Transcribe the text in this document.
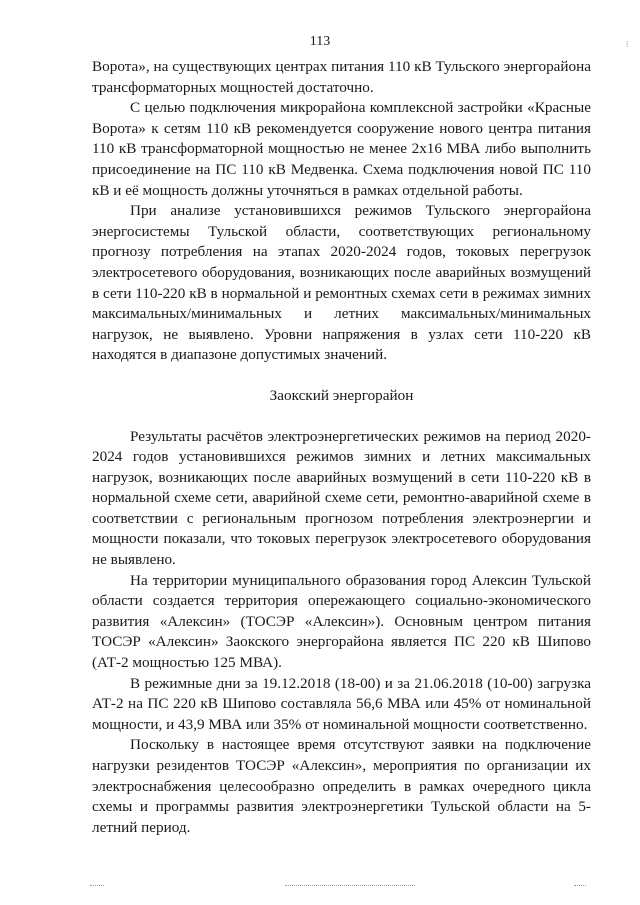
113	⁞

Ворота», на существующих центрах питания 110 кВ Тульского энергорайона трансформаторных мощностей достаточно.

С целью подключения микрорайона комплексной застройки «Красные Ворота» к сетям 110 кВ рекомендуется сооружение нового центра питания 110 кВ трансформаторной мощностью не менее 2х16 МВА либо выполнить присоединение на ПС 110 кВ Медвенка. Схема подключения новой ПС 110 кВ и её мощность должны уточняться в рамках отдельной работы.

При анализе установившихся режимов Тульского энергорайона энергосистемы Тульской области, соответствующих региональному прогнозу потребления на этапах 2020-2024 годов, токовых перегрузок электросетевого оборудования, возникающих после аварийных возмущений в сети 110-220 кВ в нормальной и ремонтных схемах сети в режимах зимних максимальных/минимальных и летних максимальных/минимальных нагрузок, не выявлено. Уровни напряжения в узлах сети 110-220 кВ находятся в диапазоне допустимых значений.

Заокский энергорайон

Результаты расчётов электроэнергетических режимов на период 2020-2024 годов установившихся режимов зимних и летних максимальных нагрузок, возникающих после аварийных возмущений в сети 110-220 кВ в нормальной схеме сети, аварийной схеме сети, ремонтно-аварийной схеме в соответствии с региональным прогнозом потребления электроэнергии и мощности показали, что токовых перегрузок электросетевого оборудования не выявлено.

На территории муниципального образования город Алексин Тульской области создается территория опережающего социально-экономического развития «Алексин» (ТОСЭР «Алексин»). Основным центром питания ТОСЭР «Алексин» Заокского энергорайона является ПС 220 кВ Шипово (АТ-2 мощностью 125 МВА).

В режимные дни за 19.12.2018 (18-00) и за 21.06.2018 (10-00) загрузка АТ-2 на ПС 220 кВ Шипово составляла 56,6 МВА или 45% от номинальной мощности, и 43,9 МВА или 35% от номинальной мощности соответственно.

Поскольку в настоящее время отсутствуют заявки на подключение нагрузки резидентов ТОСЭР «Алексин», мероприятия по организации их электроснабжения целесообразно определить в рамках очередного цикла схемы и программы развития электроэнергетики Тульской области на 5-летний период.
